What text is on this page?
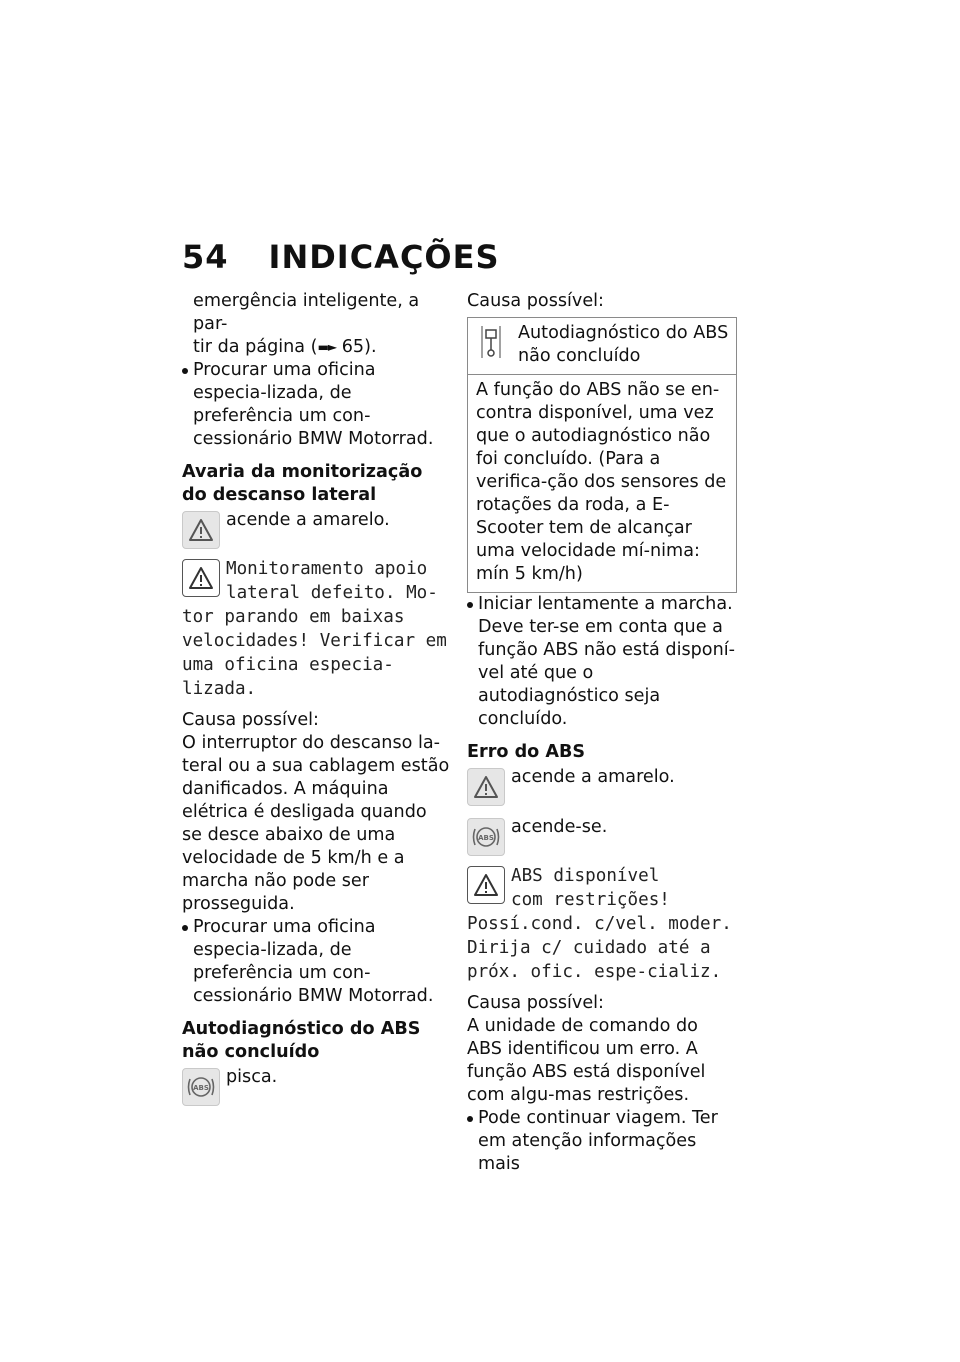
54 INDICAÇÕES

emergência inteligente, a par-
tir da página (▬► 65).

Procurar uma oficina especia-lizada, de preferência um con-cessionário BMW Motorrad.

Avaria da monitorização do descanso lateral

acende a amarelo.

Monitoramento apoio
lateral defeito. Mo-tor parando em baixas velocidades! Verificar em uma oficina especia-lizada.

Causa possível:

O interruptor do descanso la-teral ou a sua cablagem estão danificados. A máquina elétrica é desligada quando se desce abaixo de uma velocidade de 5 km/h e a marcha não pode ser prosseguida.

Procurar uma oficina especia-lizada, de preferência um con-cessionário BMW Motorrad.

Autodiagnóstico do ABS não concluído

ABS

pisca.

Causa possível:

Autodiagnóstico do ABS não concluído

A função do ABS não se en-contra disponível, uma vez que o autodiagnóstico não foi concluído. (Para a verifica-ção dos sensores de rotações da roda, a E-Scooter tem de alcançar uma velocidade mí-nima: mín 5 km/h)

Iniciar lentamente a marcha. Deve ter-se em conta que a função ABS não está disponí-vel até que o autodiagnóstico seja concluído.

Erro do ABS

acende a amarelo.

ABS

acende-se.

ABS disponível
com restrições!
Possí.cond. c/vel. moder. Dirija c/ cuidado até a próx. ofic. espe-cializ.

Causa possível:

A unidade de comando do ABS identificou um erro. A função ABS está disponível com algu-mas restrições.

Pode continuar viagem. Ter em atenção informações mais
